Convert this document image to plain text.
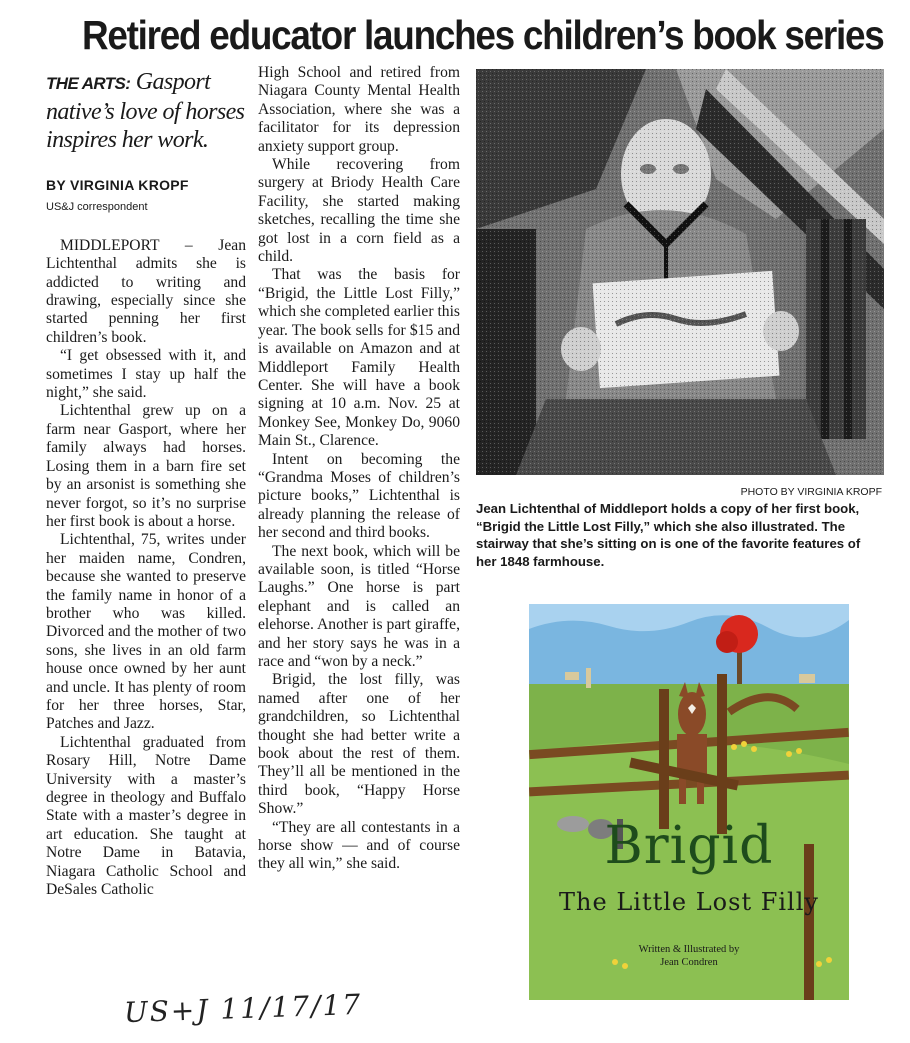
Retired educator launches children’s book series
THE ARTS: Gasport native’s love of horses inspires her work.
BY VIRGINIA KROPF
US&J correspondent

MIDDLEPORT – Jean Lichtenthal admits she is addicted to writing and drawing, especially since she started penning her first children’s book.

“I get obsessed with it, and sometimes I stay up half the night,” she said.

Lichtenthal grew up on a farm near Gasport, where her family always had horses. Losing them in a barn fire set by an arsonist is something she never forgot, so it’s no surprise her first book is about a horse.

Lichtenthal, 75, writes under her maiden name, Condren, because she wanted to preserve the family name in honor of a brother who was killed. Divorced and the mother of two sons, she lives in an old farm house once owned by her aunt and uncle. It has plenty of room for her three horses, Star, Patches and Jazz.

Lichtenthal graduated from Rosary Hill, Notre Dame University with a master’s degree in theology and Buffalo State with a master’s degree in art education. She taught at Notre Dame in Batavia, Niagara Catholic School and DeSales Catholic

High School and retired from Niagara County Mental Health Association, where she was a facilitator for its depression anxiety support group.

While recovering from surgery at Briody Health Care Facility, she started making sketches, recalling the time she got lost in a corn field as a child.

That was the basis for “Brigid, the Little Lost Filly,” which she completed earlier this year. The book sells for $15 and is available on Amazon and at Middleport Family Health Center. She will have a book signing at 10 a.m. Nov. 25 at Monkey See, Monkey Do, 9060 Main St., Clarence.

Intent on becoming the “Grandma Moses of children’s picture books,” Lichtenthal is already planning the release of her second and third books.

The next book, which will be available soon, is titled “Horse Laughs.” One horse is part elephant and is called an elehorse. Another is part giraffe, and her story says he was in a race and “won by a neck.”

Brigid, the lost filly, was named after one of her grandchildren, so Lichtenthal thought she had better write a book about the rest of them. They’ll all be mentioned in the third book, “Happy Horse Show.”

“They are all contestants in a horse show — and of course they all win,” she said.

PHOTO BY VIRGINIA KROPF
Jean Lichtenthal of Middleport holds a copy of her first book, “Brigid the Little Lost Filly,” which she also illustrated. The stairway that she’s sitting on is one of the favorite features of her 1848 farmhouse.
Brigid
The Little Lost Filly
Written & Illustrated by
Jean Condren
US+J 11/17/17
